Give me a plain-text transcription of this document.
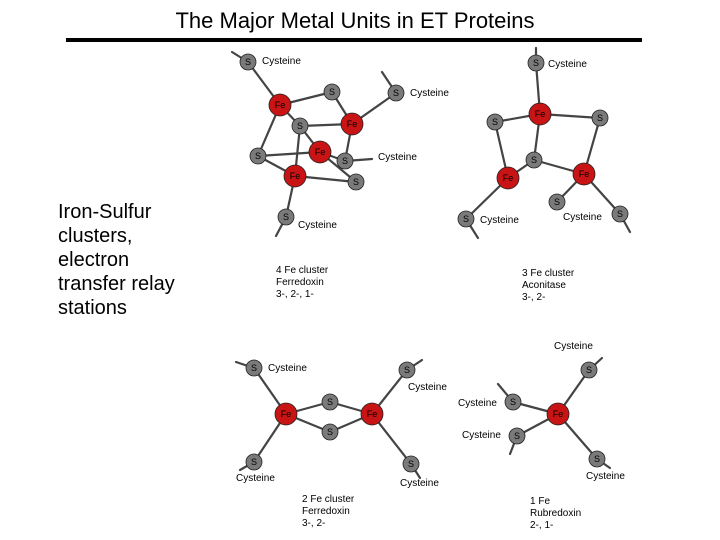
The Major Metal Units in ET Proteins
Iron-Sulfur
clusters,
electron
transfer relay
stations
S
S
S
S
S
S
S
S
Fe
Fe
Fe
Fe
S	S
S
S
S
S	S
Fe
Fe	Fe
S
S
S	S
S	S
Fe	Fe
S
S
S
S
Fe
Cysteine
Cysteine
Cysteine
Cysteine
Cysteine
Cysteine	Cysteine
Cysteine
Cysteine
Cysteine	Cysteine
Cysteine
Cysteine
Cysteine
Cysteine
4 Fe cluster
Ferredoxin
3-, 2-, 1-
3 Fe cluster
Aconitase
3-, 2-
2 Fe cluster
Ferredoxin
3-, 2-
1 Fe
Rubredoxin
2-, 1-
